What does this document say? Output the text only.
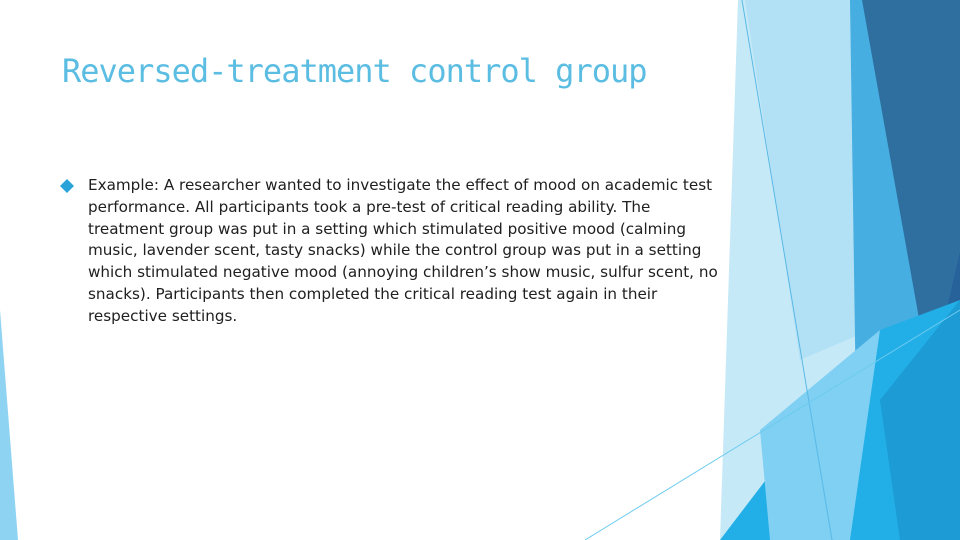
Reversed-treatment control group
Example: A researcher wanted to investigate the effect of mood on academic test performance. All participants took a pre-test of critical reading ability. The treatment group was put in a setting which stimulated positive mood (calming music, lavender scent, tasty snacks) while the control group was put in a setting which stimulated negative mood (annoying children’s show music, sulfur scent, no snacks). Participants then completed the critical reading test again in their respective settings.
